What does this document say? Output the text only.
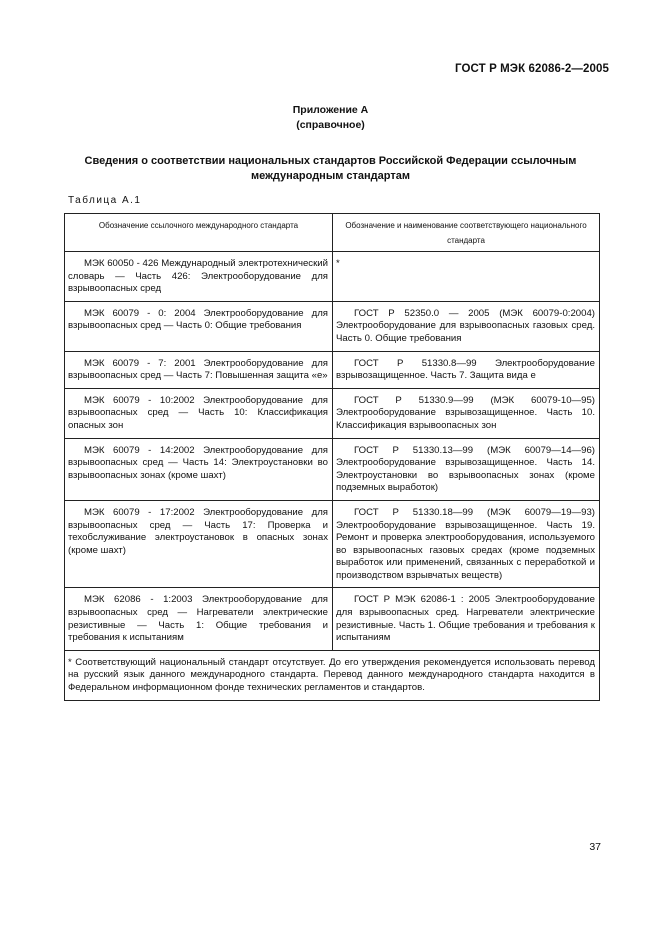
ГОСТ Р МЭК 62086-2—2005
Приложение А
(справочное)
Сведения о соответствии национальных стандартов Российской Федерации ссылочным международным стандартам
Таблица А.1
Обозначение ссылочного международного стандарта	Обозначение и наименование соответствующего национального стандарта
МЭК 60050 - 426 Международный электротехнический словарь — Часть 426: Электрооборудование для взрывоопасных сред	*
МЭК 60079 - 0: 2004 Электрооборудование для взрывоопасных сред — Часть 0: Общие требования	ГОСТ Р 52350.0 — 2005 (МЭК 60079-0:2004) Электрооборудование для взрывоопасных газовых сред. Часть 0. Общие требования
МЭК 60079 - 7: 2001 Электрооборудование для взрывоопасных сред — Часть 7: Повышенная защита «е»	ГОСТ Р 51330.8—99 Электрооборудование взрывозащищенное. Часть 7. Защита вида е
МЭК 60079 - 10:2002 Электрооборудование для взрывоопасных сред — Часть 10: Классификация опасных зон	ГОСТ Р 51330.9—99 (МЭК 60079-10—95) Электрооборудование взрывозащищенное. Часть 10. Классификация взрывоопасных зон
МЭК 60079 - 14:2002 Электрооборудование для взрывоопасных сред — Часть 14: Электроустановки во взрывоопасных зонах (кроме шахт)	ГОСТ Р 51330.13—99 (МЭК 60079—14—96) Электрооборудование взрывозащищенное. Часть 14. Электроустановки во взрывоопасных зонах (кроме подземных выработок)
МЭК 60079 - 17:2002 Электрооборудование для взрывоопасных сред — Часть 17: Проверка и техобслуживание электроустановок в опасных зонах (кроме шахт)	ГОСТ Р 51330.18—99 (МЭК 60079—19—93) Электрооборудование взрывозащищенное. Часть 19. Ремонт и проверка электрооборудования, используемого во взрывоопасных газовых средах (кроме подземных выработок или применений, связанных с переработкой и производством взрывчатых веществ)
МЭК 62086 - 1:2003 Электрооборудование для взрывоопасных сред — Нагреватели электрические резистивные — Часть 1: Общие требования и требования к испытаниям	ГОСТ Р МЭК 62086-1 : 2005 Электрооборудование для взрывоопасных сред. Нагреватели электрические резистивные. Часть 1. Общие требования и требования к испытаниям
* Соответствующий национальный стандарт отсутствует. До его утверждения рекомендуется использовать перевод на русский язык данного международного стандарта. Перевод данного международного стандарта находится в Федеральном информационном фонде технических регламентов и стандартов.	
37
